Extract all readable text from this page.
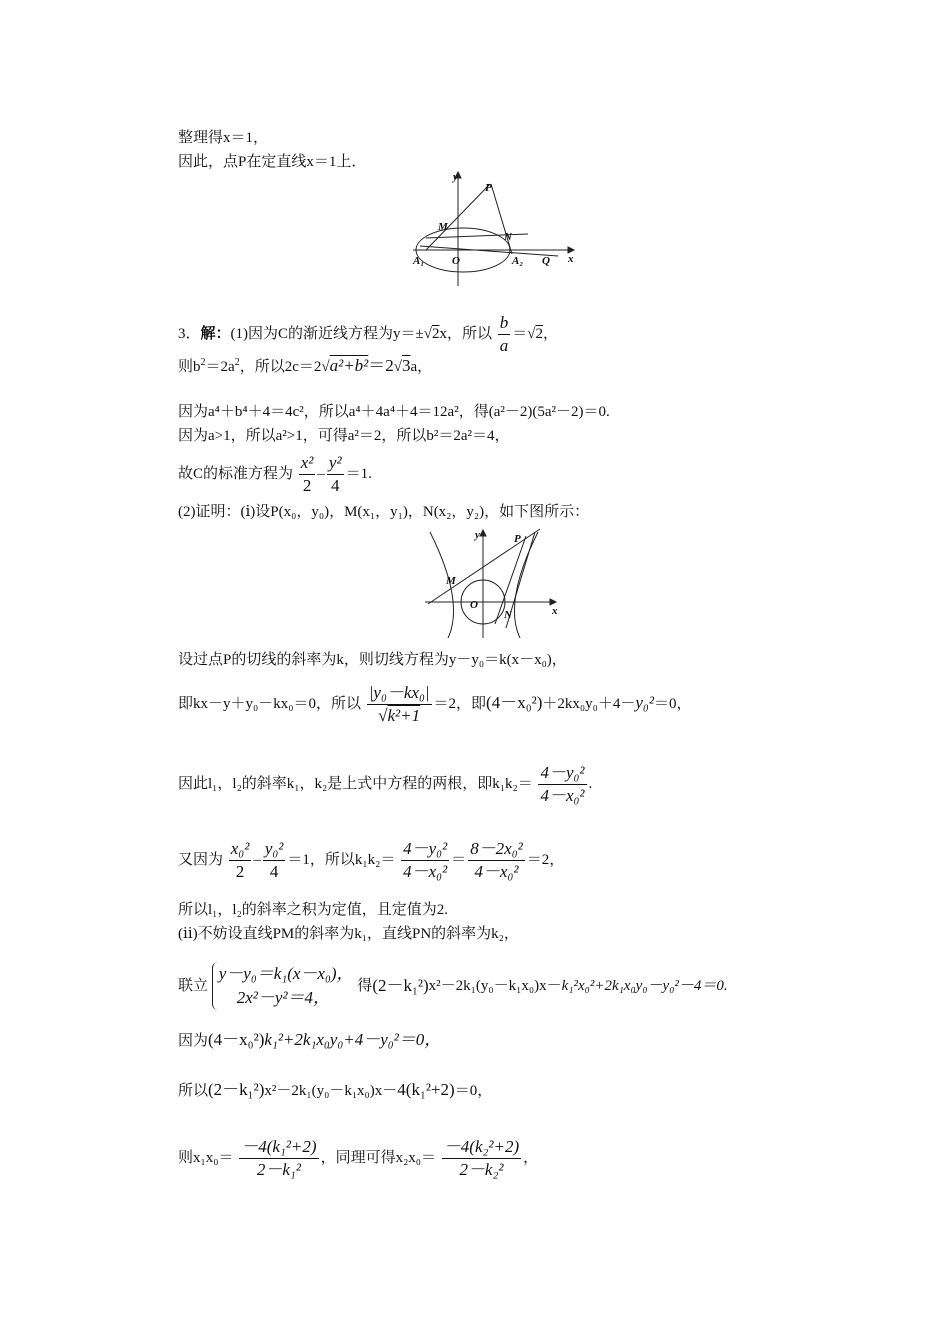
整理得x＝1，
因此，点P在定直线x＝1上．
y
x
P
M
N
O
A₁	A₂ Q
3．解：(1)因为C的渐近线方程为y＝±√2x，所以 $\frac{b}{a} =√2$，
则$b^2=2a^2$，所以2c＝2√a²+b²＝2√3a，
因为a⁴＋b⁴＋4＝4c²，所以a⁴＋4a⁴＋4＝12a²，得(a²－2)(5a²－2)＝0.
因为a>1，所以a²>1，可得a²＝2，所以b²＝2a²＝4，
故C的标准方程为 $\frac{\text{x²}}{2} - \frac{\text{y²}}{4} =1$.
(2)证明：(ⅰ)设P(x₀，y₀)，M(x₁，y₁)，N(x₂，y₂)，如下图所示：
y
x
P
M
N
O
设过点P的切线的斜率为k，则切线方程为y－y₀＝k(x－x₀)，
即kx－y＋y₀－kx₀＝0，所以 $\frac{\text{|y₀－kx₀|}}{\text{√k²+1}} =2$，即(4－x₀²)＋2kx₀y₀＋4－y₀²＝0，
因此l₁，l₂的斜率k₁，k₂是上式中方程的两根，即$k_1k_2= \frac{\text{4－y₀²}}{\text{4－x₀²}}$ .
又因为 $\frac{\text{x₀²}}{2} - \frac{\text{y₀²}}{4} =1$，所以$k_1k_2= \frac{\text{4－y₀²}}{\text{4－x₀²}} = \frac{\text{8－2x₀²}}{\text{4－x₀²}} =2$，
所以l₁，l₂的斜率之积为定值，且定值为2.
(ⅱ)不妨设直线PM的斜率为k₁，直线PN的斜率为k₂，
联立
y－y₀＝k₁(x－x₀)，
2x²－y²＝4，
得(2－k₁²)x²－2k₁(y₀－k₁x₀)x－k₁²x₀²+2k₁x₀y₀－y₀²－4＝0.
因为(4－x₀²)k₁²+2k₁x₀y₀+4－y₀²＝0，
所以(2－k₁²)x²－2k₁(y₀－k₁x₀)x－4(k₁²+2)＝0，
则$x_1x_0= \frac{\text{－4(k₁²+2)}}{\text{2－k₁²}}$ ，同理可得$x_2x_0= \frac{\text{－4(k₂²+2)}}{\text{2－k₂²}}$ ，
